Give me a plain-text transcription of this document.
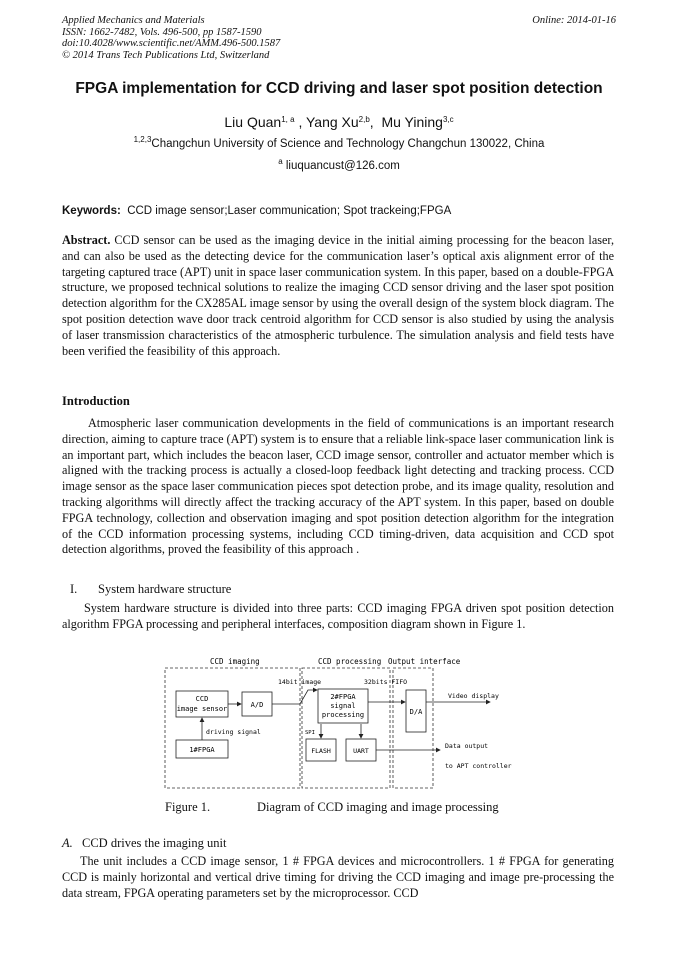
Applied Mechanics and Materials
ISSN: 1662-7482, Vols. 496-500, pp 1587-1590
doi:10.4028/www.scientific.net/AMM.496-500.1587
© 2014 Trans Tech Publications Ltd, Switzerland
Online: 2014-01-16
FPGA implementation for CCD driving and laser spot position detection
Liu Quan$^{1, a}$ , Yang Xu$^{2,b}$,  Mu Yining$^{3,c}$
$^{1,2,3}$Changchun University of Science and Technology Changchun 130022, China
$^a$ liuquancust@126.com
Keywords: CCD image sensor;Laser communication; Spot trackeing;FPGA

Abstract. CCD sensor can be used as the imaging device in the initial aiming processing for the beacon laser, and can also be used as the detecting device for the communication laser’s optical axis alignment error of the targeting captured trace (APT) unit in space laser communication system. In this paper, based on a double-FPGA structure, we proposed technical solutions to realize the imaging CCD sensor driving and the laser spot position detection algorithm for the CX285AL image sensor by using the overall design of the system block diagram. The spot position detection wave door track centroid algorithm for CCD sensor is also studied by using the analysis of laser transmission characteristics of the atmospheric turbulence. The simulation analysis and field tests have been verified the feasibility of this approach.

Introduction

Atmospheric laser communication developments in the field of communications is an important research direction, aiming to capture trace (APT) system is to ensure that a reliable link-space laser communication link is an important part, which includes the beacon laser, CCD image sensor, controller and actuator member which is aligned with the tracking process is actually a closed-loop feedback light detecting and tracking process. CCD image sensor as the space laser communication pieces spot detection probe, and its image quality, resolution and tracking algorithms will directly affect the tracking accuracy of the APT system. In this paper, based on double FPGA technology, collection and observation imaging and spot position detection algorithm for the integration of the CCD information processing systems, including CCD timing-driven, data acquisition and CCD spot detection algorithms, proved the feasibility of this approach .

I. System hardware structure

System hardware structure is divided into three parts: CCD imaging FPGA driven spot position detection algorithm FPGA processing and peripheral interfaces, composition diagram shown in Figure 1.

CCD imaging	CCD processing Output interface
CCD
image sensor	A/D
2#FPGA
signal
processing	D/A
1#FPGA	FLASH	UART
SPI
14bit image	32bits FIFO
Video display
driving signal
Data output
to APT controller
Figure 1.	Diagram of CCD imaging and image processing
A. CCD drives the imaging unit

The unit includes a CCD image sensor, 1 # FPGA devices and microcontrollers. 1 # FPGA for generating CCD is mainly horizontal and vertical drive timing for driving the CCD imaging and image pre-processing the data stream, FPGA operating parameters set by the microprocessor. CCD
